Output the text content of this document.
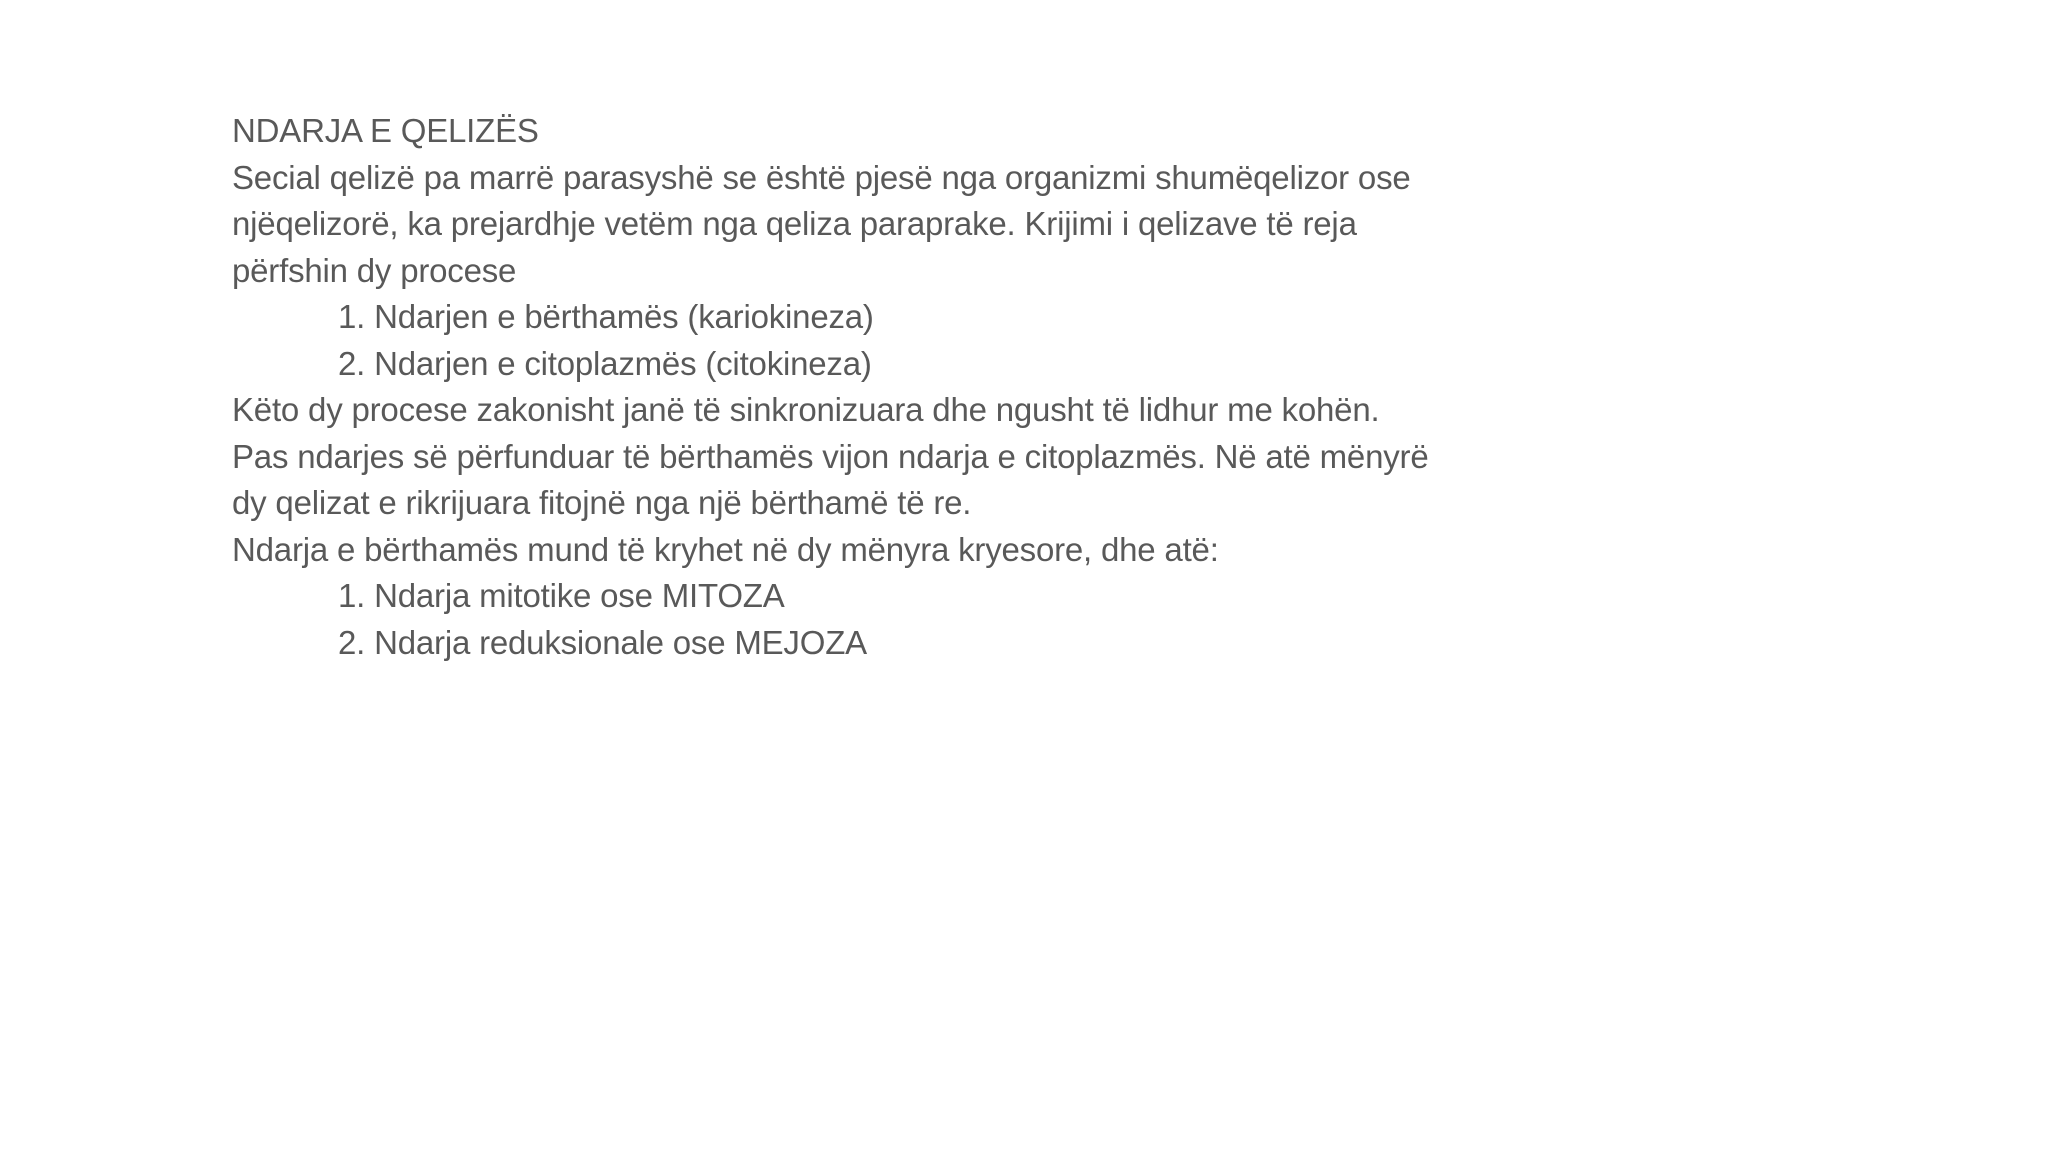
NDARJA E QELIZËS

Secial qelizë pa marrë parasyshë se është pjesë nga organizmi shumëqelizor ose

njëqelizorë, ka prejardhje vetëm nga qeliza paraprake. Krijimi i qelizave të reja

përfshin dy procese

1. Ndarjen e bërthamës (kariokineza)

2. Ndarjen e citoplazmës (citokineza)

Këto dy procese zakonisht janë të sinkronizuara dhe ngusht të lidhur me kohën.

Pas ndarjes së përfunduar të bërthamës vijon ndarja e citoplazmës. Në atë mënyrë

dy qelizat e rikrijuara fitojnë nga një bërthamë të re.

Ndarja e bërthamës mund të kryhet në dy mënyra kryesore, dhe atë:

1. Ndarja mitotike ose MITOZA

2. Ndarja reduksionale ose MEJOZA
